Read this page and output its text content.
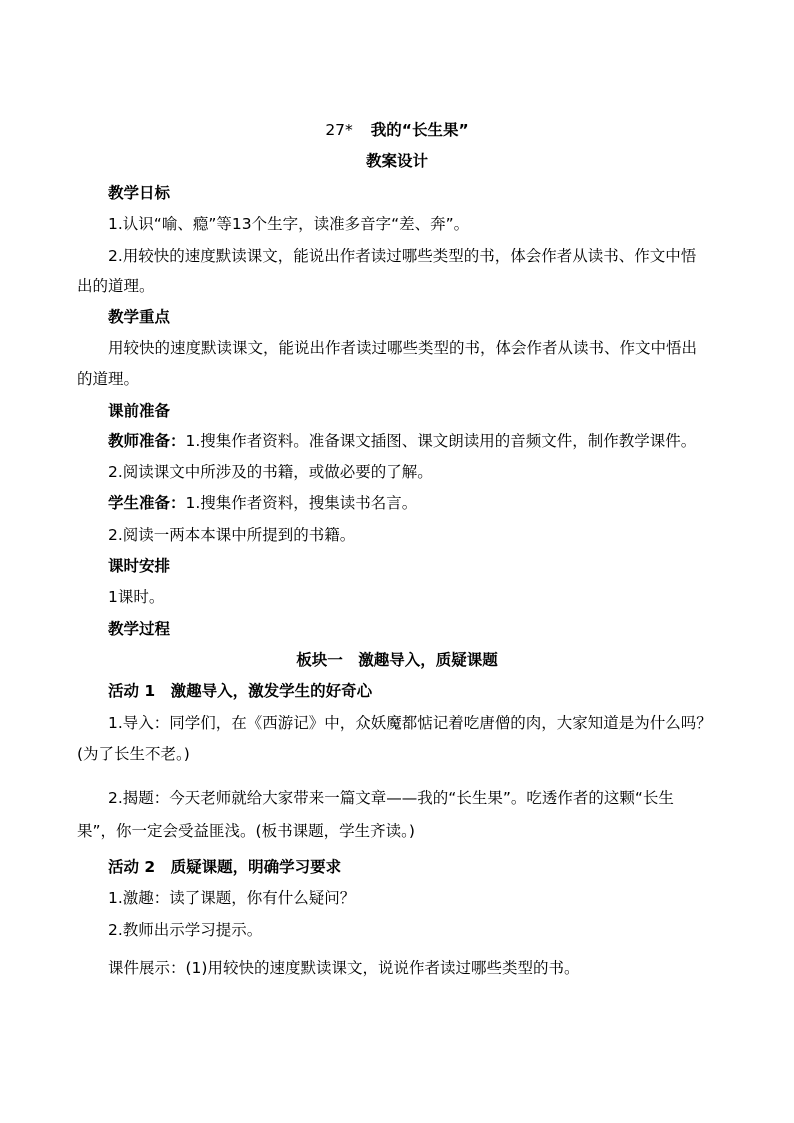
27* 我的“长生果”
教案设计
教学日标
1.认识“喻、瘾”等13个生字，读准多音字“差、奔”。
2.用较快的速度默读课文，能说出作者读过哪些类型的书，体会作者从读书、作文中悟
出的道理。
教学重点
用较快的速度默读课文，能说出作者读过哪些类型的书，体会作者从读书、作文中悟出
的道理。
课前准备
教师准备：1.搜集作者资料。准备课文插图、课文朗读用的音频文件，制作教学课件。
2.阅读课文中所涉及的书籍，或做必要的了解。
学生准备：1.搜集作者资料，搜集读书名言。
2.阅读一两本本课中所提到的书籍。
课时安排
1课时。
教学过程
板块一　激趣导入，质疑课题
活动 1　激趣导入，激发学生的好奇心
1.导入：同学们，在《西游记》中，众妖魔都惦记着吃唐僧的肉，大家知道是为什么吗？
(为了长生不老。)
2.揭题：今天老师就给大家带来一篇文章——我的“长生果”。吃透作者的这颗“长生
果”，你一定会受益匪浅。(板书课题，学生齐读。)
活动 2　质疑课题，明确学习要求
1.激趣：读了课题，你有什么疑问？
2.教师出示学习提示。
课件展示：(1)用较快的速度默读课文，说说作者读过哪些类型的书。
